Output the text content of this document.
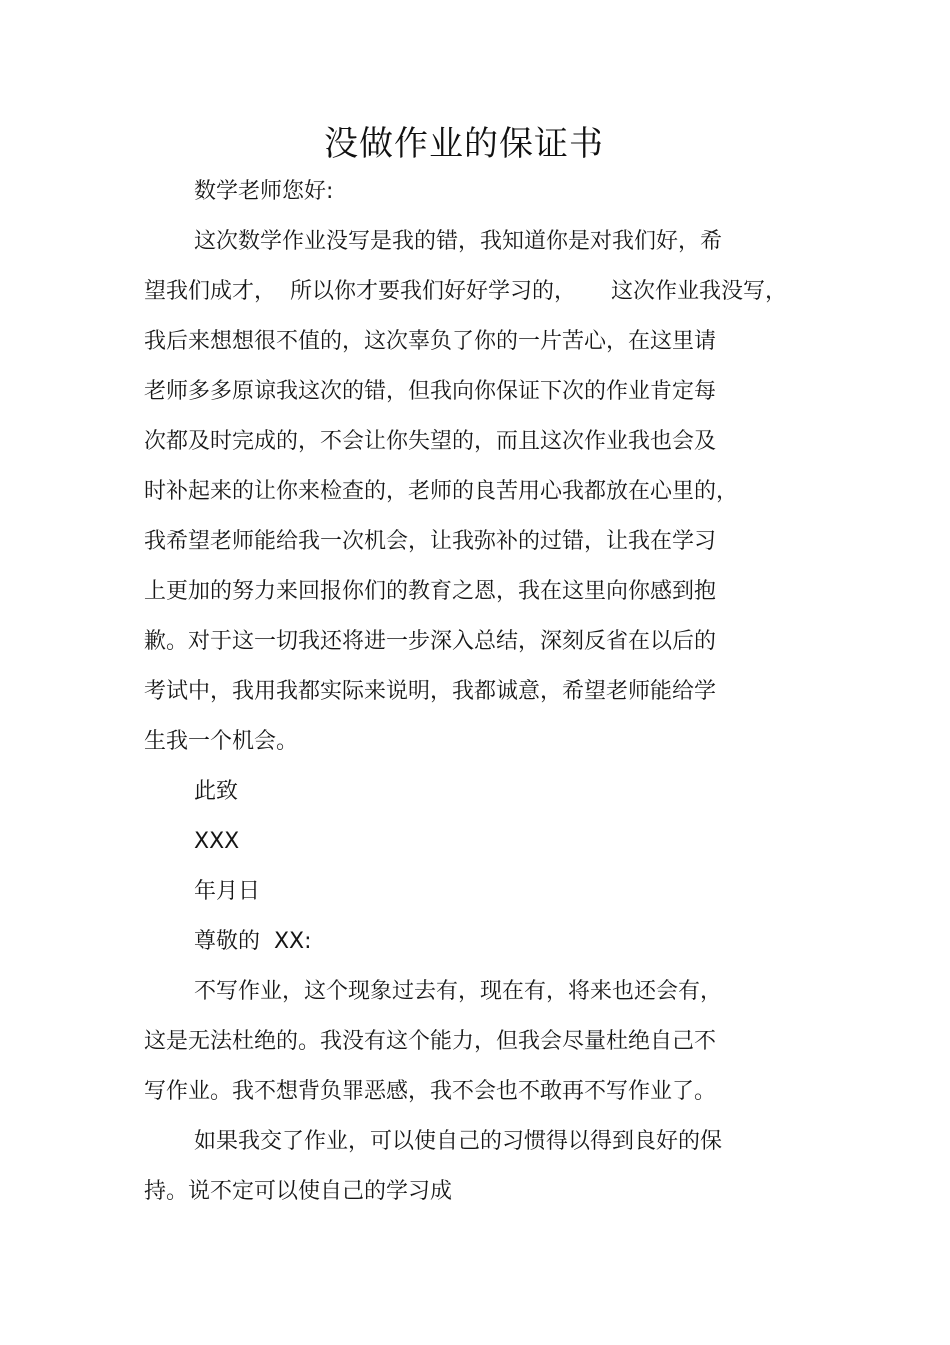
没做作业的保证书
数学老师您好:
这次数学作业没写是我的错，我知道你是对我们好，希
望我们成才，  所以你才要我们好好学习的，     这次作业我没写，
我后来想想很不值的，这次辜负了你的一片苦心，在这里请
老师多多原谅我这次的错，但我向你保证下次的作业肯定每
次都及时完成的，不会让你失望的，而且这次作业我也会及
时补起来的让你来检查的，老师的良苦用心我都放在心里的，
我希望老师能给我一次机会，让我弥补的过错，让我在学习
上更加的努力来回报你们的教育之恩，我在这里向你感到抱
歉。对于这一切我还将进一步深入总结，深刻反省在以后的
考试中，我用我都实际来说明，我都诚意，希望老师能给学
生我一个机会。
此致
XXX
年月日
尊敬的  XX:
不写作业，这个现象过去有，现在有，将来也还会有，
这是无法杜绝的。我没有这个能力，但我会尽量杜绝自己不
写作业。我不想背负罪恶感，我不会也不敢再不写作业了。
如果我交了作业，可以使自己的习惯得以得到良好的保
持。说不定可以使自己的学习成
